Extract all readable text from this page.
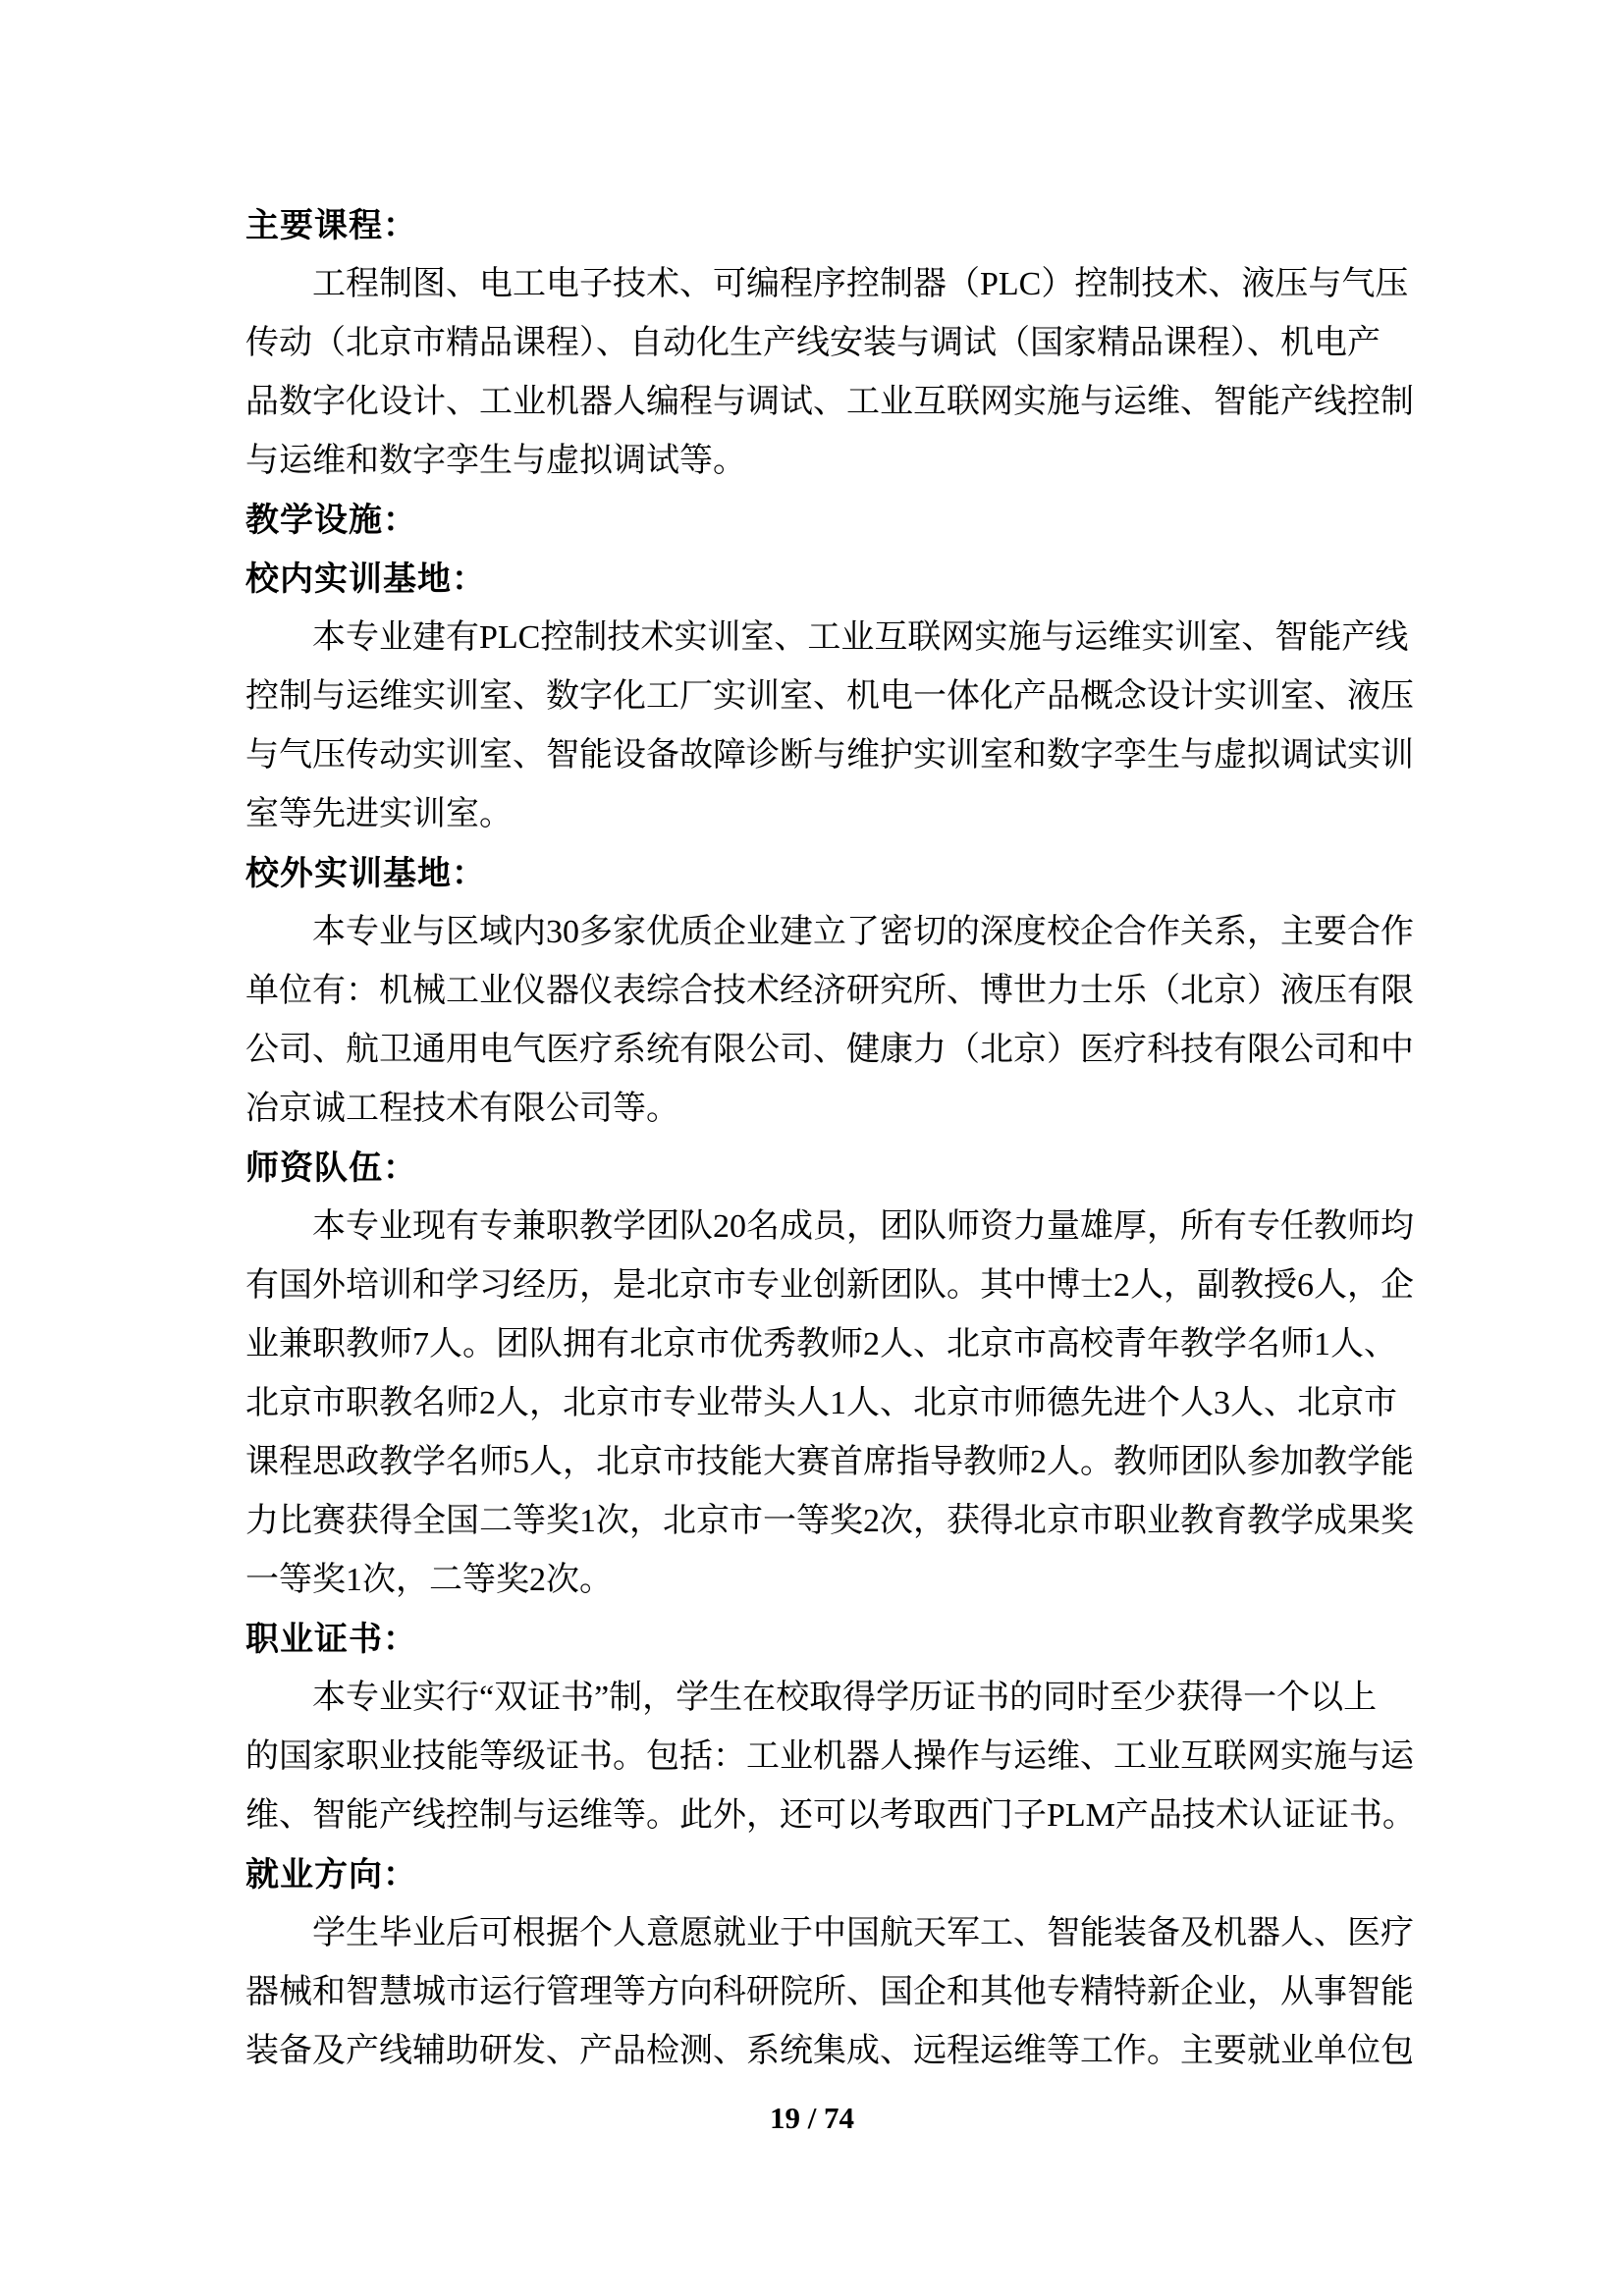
主要课程：
工程制图、电工电子技术、可编程序控制器（PLC）控制技术、液压与气压
传动（北京市精品课程）、自动化生产线安装与调试（国家精品课程）、机电产
品数字化设计、工业机器人编程与调试、工业互联网实施与运维、智能产线控制
与运维和数字孪生与虚拟调试等。
教学设施：
校内实训基地：
本专业建有PLC控制技术实训室、工业互联网实施与运维实训室、智能产线
控制与运维实训室、数字化工厂实训室、机电一体化产品概念设计实训室、液压
与气压传动实训室、智能设备故障诊断与维护实训室和数字孪生与虚拟调试实训
室等先进实训室。
校外实训基地：
本专业与区域内30多家优质企业建立了密切的深度校企合作关系，主要合作
单位有：机械工业仪器仪表综合技术经济研究所、博世力士乐（北京）液压有限
公司、航卫通用电气医疗系统有限公司、健康力（北京）医疗科技有限公司和中
冶京诚工程技术有限公司等。
师资队伍：
本专业现有专兼职教学团队20名成员，团队师资力量雄厚，所有专任教师均
有国外培训和学习经历，是北京市专业创新团队。其中博士2人，副教授6人，企
业兼职教师7人。团队拥有北京市优秀教师2人、北京市高校青年教学名师1人、
北京市职教名师2人，北京市专业带头人1人、北京市师德先进个人3人、北京市
课程思政教学名师5人，北京市技能大赛首席指导教师2人。教师团队参加教学能
力比赛获得全国二等奖1次，北京市一等奖2次，获得北京市职业教育教学成果奖
一等奖1次，二等奖2次。
职业证书：
本专业实行“双证书”制，学生在校取得学历证书的同时至少获得一个以上
的国家职业技能等级证书。包括：工业机器人操作与运维、工业互联网实施与运
维、智能产线控制与运维等。此外，还可以考取西门子PLM产品技术认证证书。
就业方向：
学生毕业后可根据个人意愿就业于中国航天军工、智能装备及机器人、医疗
器械和智慧城市运行管理等方向科研院所、国企和其他专精特新企业，从事智能
装备及产线辅助研发、产品检测、系统集成、远程运维等工作。主要就业单位包
19 / 74
